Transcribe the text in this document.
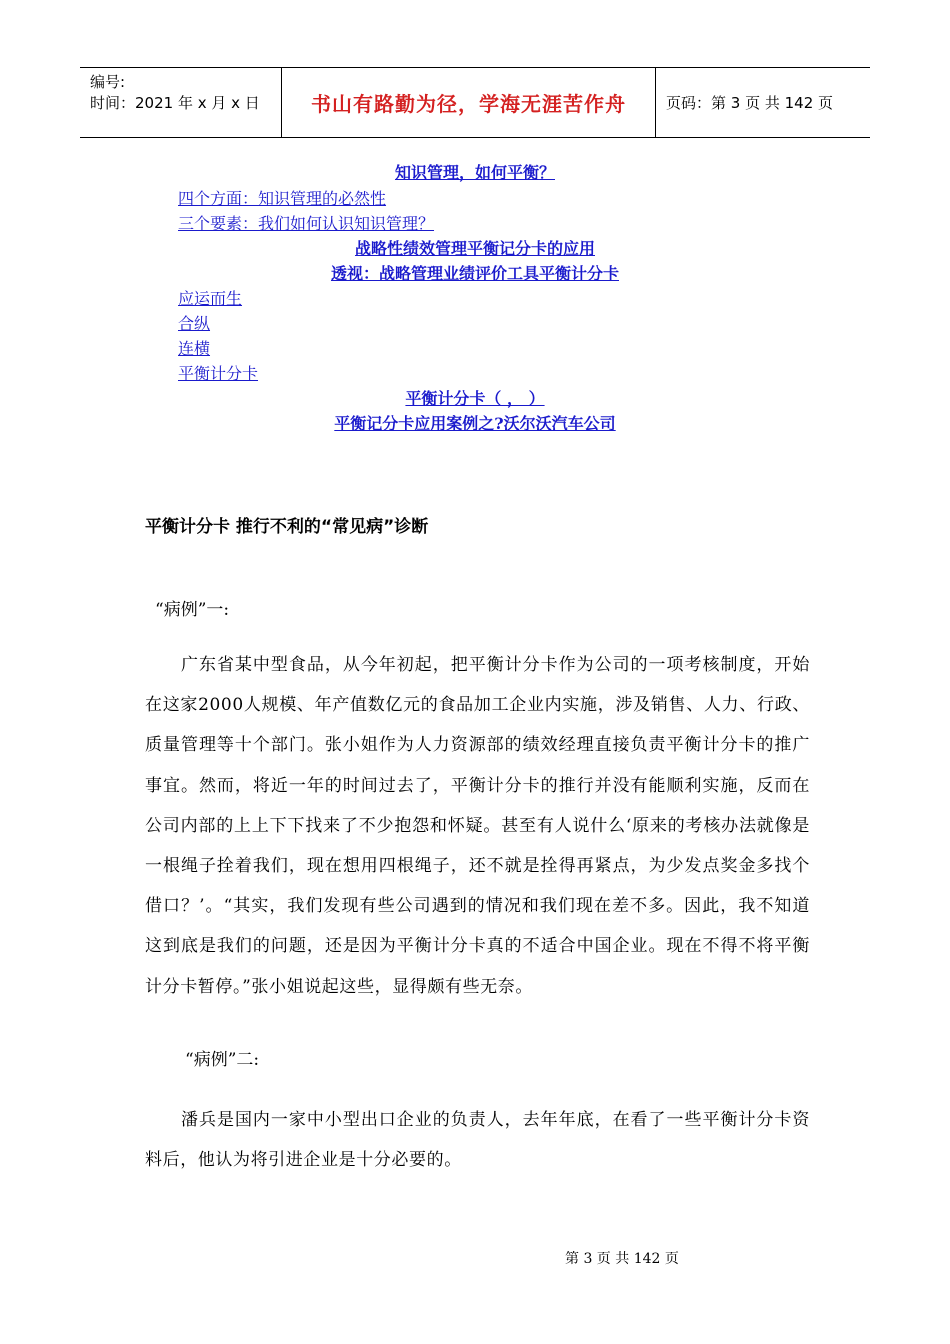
编号:
时间：2021 年 x 月 x 日	书山有路勤为径，学海无涯苦作舟	页码：第 3 页 共 142 页
知识管理，如何平衡？
四个方面：知识管理的必然性
三个要素：我们如何认识知识管理？
战略性绩效管理平衡记分卡的应用
透视：战略管理业绩评价工具平衡计分卡
应运而生
合纵
连横
平衡计分卡
平衡计分卡（ ， ）
平衡记分卡应用案例之?沃尔沃汽车公司
平衡计分卡 推行不利的“常见病”诊断
“病例”一:
广东省某中型食品，从今年初起，把平衡计分卡作为公司的一项考核制度，开始在这家2000人规模、年产值数亿元的食品加工企业内实施，涉及销售、人力、行政、质量管理等十个部门。张小姐作为人力资源部的绩效经理直接负责平衡计分卡的推广事宜。然而，将近一年的时间过去了，平衡计分卡的推行并没有能顺利实施，反而在公司内部的上上下下找来了不少抱怨和怀疑。甚至有人说什么‘原来的考核办法就像是一根绳子拴着我们，现在想用四根绳子，还不就是拴得再紧点，为少发点奖金多找个借口？’。“其实，我们发现有些公司遇到的情况和我们现在差不多。因此，我不知道这到底是我们的问题，还是因为平衡计分卡真的不适合中国企业。现在不得不将平衡计分卡暂停。”张小姐说起这些，显得颇有些无奈。
“病例”二:
潘兵是国内一家中小型出口企业的负责人，去年年底，在看了一些平衡计分卡资料后，他认为将引进企业是十分必要的。
第 3 页 共 142 页
